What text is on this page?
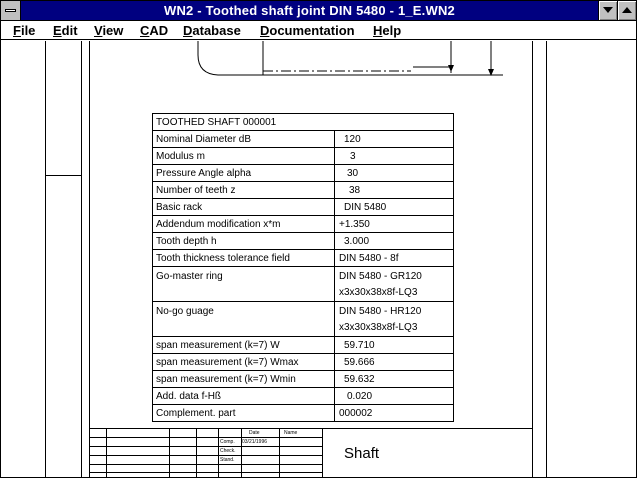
WN2 - Toothed shaft joint DIN 5480 - 1_E.WN2
File Edit View CAD Database Documentation Help
TOOTHED SHAFT 000001	
Nominal Diameter dB	120
Modulus m	3
Pressure Angle alpha	30
Number of teeth z	38
Basic rack	DIN 5480
Addendum modification x*m	+1.350
Tooth depth h	3.000
Tooth thickness tolerance field	DIN 5480 - 8f
Go-master ring	DIN 5480 - GR120
x3x30x38x8f-LQ3

No-go guage	DIN 5480 - HR120
x3x30x38x8f-LQ3

span measurement (k=7) W	59.710
span measurement (k=7) Wmax	59.666
span measurement (k=7) Wmin	59.632
Add. data f-Hß	0.020
Complement. part	000002
Date	Name
Comp. 03/21/1996
Check.
Stand.	Shaft
